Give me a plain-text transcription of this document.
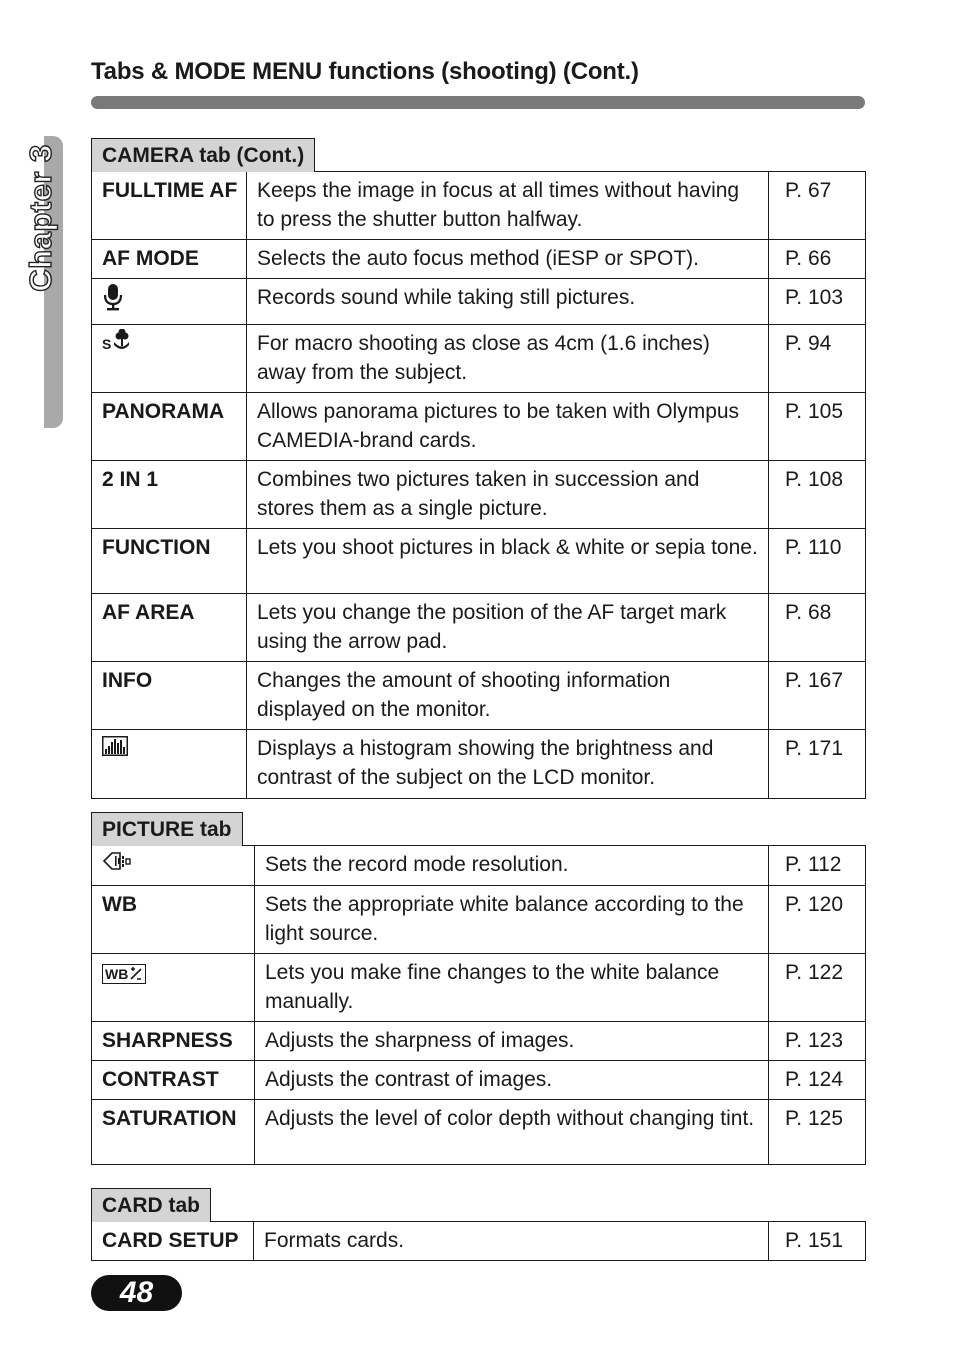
Tabs & MODE MENU functions (shooting) (Cont.)
Chapter 3	CAMERA tab (Cont.)
FULLTIME AF	Keeps the image in focus at all times without having to press the shutter button halfway.	P. 67
AF MODE	Selects the auto focus method (iESP or SPOT).	P. 66
	Records sound while taking still pictures.	P. 103

S	For macro shooting as close as 4cm (1.6 inches) away from the subject.	P. 94
PANORAMA	Allows panorama pictures to be taken with Olympus CAMEDIA-brand cards.	P. 105
2 IN 1	Combines two pictures taken in succession and stores them as a single picture.	P. 108
FUNCTION	Lets you shoot pictures in black & white or sepia tone.	P. 110
AF AREA	Lets you change the position of the AF target mark using the arrow pad.	P. 68
INFO	Changes the amount of shooting information displayed on the monitor.	P. 167
	Displays a histogram showing the brightness and contrast of the subject on the LCD monitor.	P. 171
PICTURE tab
	Sets the record mode resolution.	P. 112
WB	Sets the appropriate white balance according to the light source.	P. 120

WB	Lets you make fine changes to the white balance manually.	P. 122
SHARPNESS	Adjusts the sharpness of images.	P. 123
CONTRAST	Adjusts the contrast of images.	P. 124
SATURATION	Adjusts the level of color depth without changing tint.	P. 125
CARD tab
CARD SETUP	Formats cards.	P. 151
48
